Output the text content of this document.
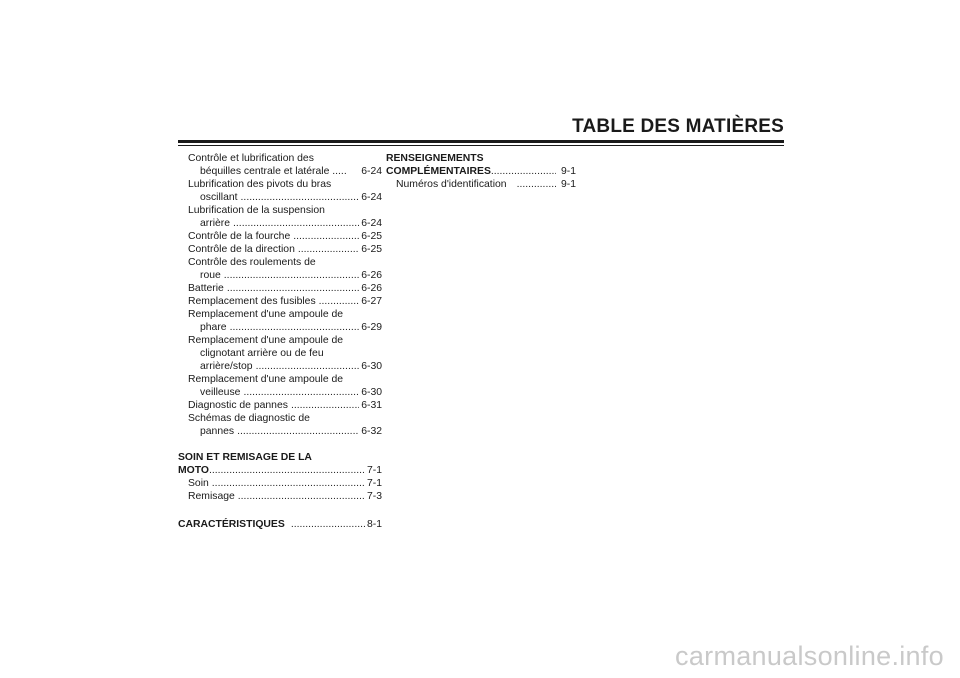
TABLE DES MATIÈRES
Contrôle et lubrification des
béquilles centrale et latérale ..... 6-24
Lubrification des pivots du bras
oscillant .....	6-24
Lubrification de la suspension
arrière .....	6-24
Contrôle de la fourche .....	6-25
Contrôle de la direction .....	6-25
Contrôle des roulements de
roue .....	6-26
Batterie .....	6-26
Remplacement des fusibles .....	6-27
Remplacement d'une ampoule de
phare .....	6-29
Remplacement d'une ampoule de
clignotant arrière ou de feu
arrière/stop .....	6-30
Remplacement d'une ampoule de
veilleuse .....	6-30
Diagnostic de pannes .....	6-31
Schémas de diagnostic de
pannes .....	6-32
SOIN ET REMISAGE DE LA
MOTO .....	7-1
Soin .....	7-1
Remisage .....	7-3
CARACTÉRISTIQUES .....	8-1
RENSEIGNEMENTS
COMPLÉMENTAIRES .....	9-1
Numéros d'identification .....	9-1
carmanualsonline.info
